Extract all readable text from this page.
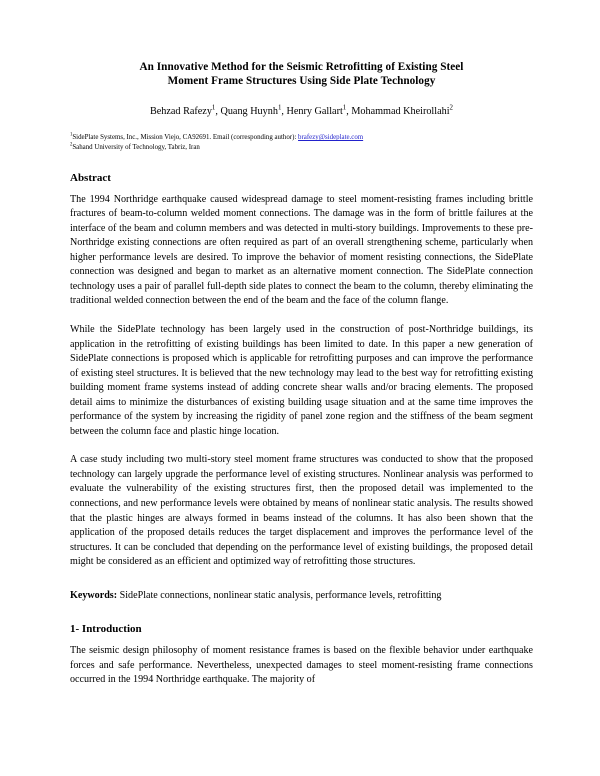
An Innovative Method for the Seismic Retrofitting of Existing Steel
Moment Frame Structures Using Side Plate Technology
Behzad Rafezy$^1$, Quang Huynh$^1$, Henry Gallart$^1$, Mohammad Kheirollahi$^2$
$^1$SidePlate Systems, Inc., Mission Viejo, CA92691. Email (corresponding author): brafezy@sideplate.com
$^2$Sahand University of Technology, Tabriz, Iran
Abstract

The 1994 Northridge earthquake caused widespread damage to steel moment-resisting frames including brittle fractures of beam-to-column welded moment connections. The damage was in the form of brittle failures at the interface of the beam and column members and was detected in multi-story buildings. Improvements to these pre-Northridge existing connections are often required as part of an overall strengthening scheme, particularly when higher performance levels are desired. To improve the behavior of moment resisting connections, the SidePlate connection was designed and began to market as an alternative moment connection. The SidePlate connection technology uses a pair of parallel full-depth side plates to connect the beam to the column, thereby eliminating the traditional welded connection between the end of the beam and the face of the column flange.

While the SidePlate technology has been largely used in the construction of post-Northridge buildings, its application in the retrofitting of existing buildings has been limited to date. In this paper a new generation of SidePlate connections is proposed which is applicable for retrofitting purposes and can improve the performance of existing steel structures. It is believed that the new technology may lead to the best way for retrofitting existing building moment frame systems instead of adding concrete shear walls and/or bracing elements. The proposed detail aims to minimize the disturbances of existing building usage situation and at the same time improves the performance of the system by increasing the rigidity of panel zone region and the stiffness of the beam segment between the column face and plastic hinge location.

A case study including two multi-story steel moment frame structures was conducted to show that the proposed technology can largely upgrade the performance level of existing structures. Nonlinear analysis was performed to evaluate the vulnerability of the existing structures first, then the proposed detail was implemented to the connections, and new performance levels were obtained by means of nonlinear static analysis. The results showed that the plastic hinges are always formed in beams instead of the columns. It has also been shown that the application of the proposed details reduces the target displacement and improves the performance level of the structures. It can be concluded that depending on the performance level of existing buildings, the proposed detail might be considered as an efficient and optimized way of retrofitting those structures.

Keywords: SidePlate connections, nonlinear static analysis, performance levels, retrofitting

1- Introduction

The seismic design philosophy of moment resistance frames is based on the flexible behavior under earthquake forces and safe performance. Nevertheless, unexpected damages to steel moment-resisting frame connections occurred in the 1994 Northridge earthquake. The majority of
